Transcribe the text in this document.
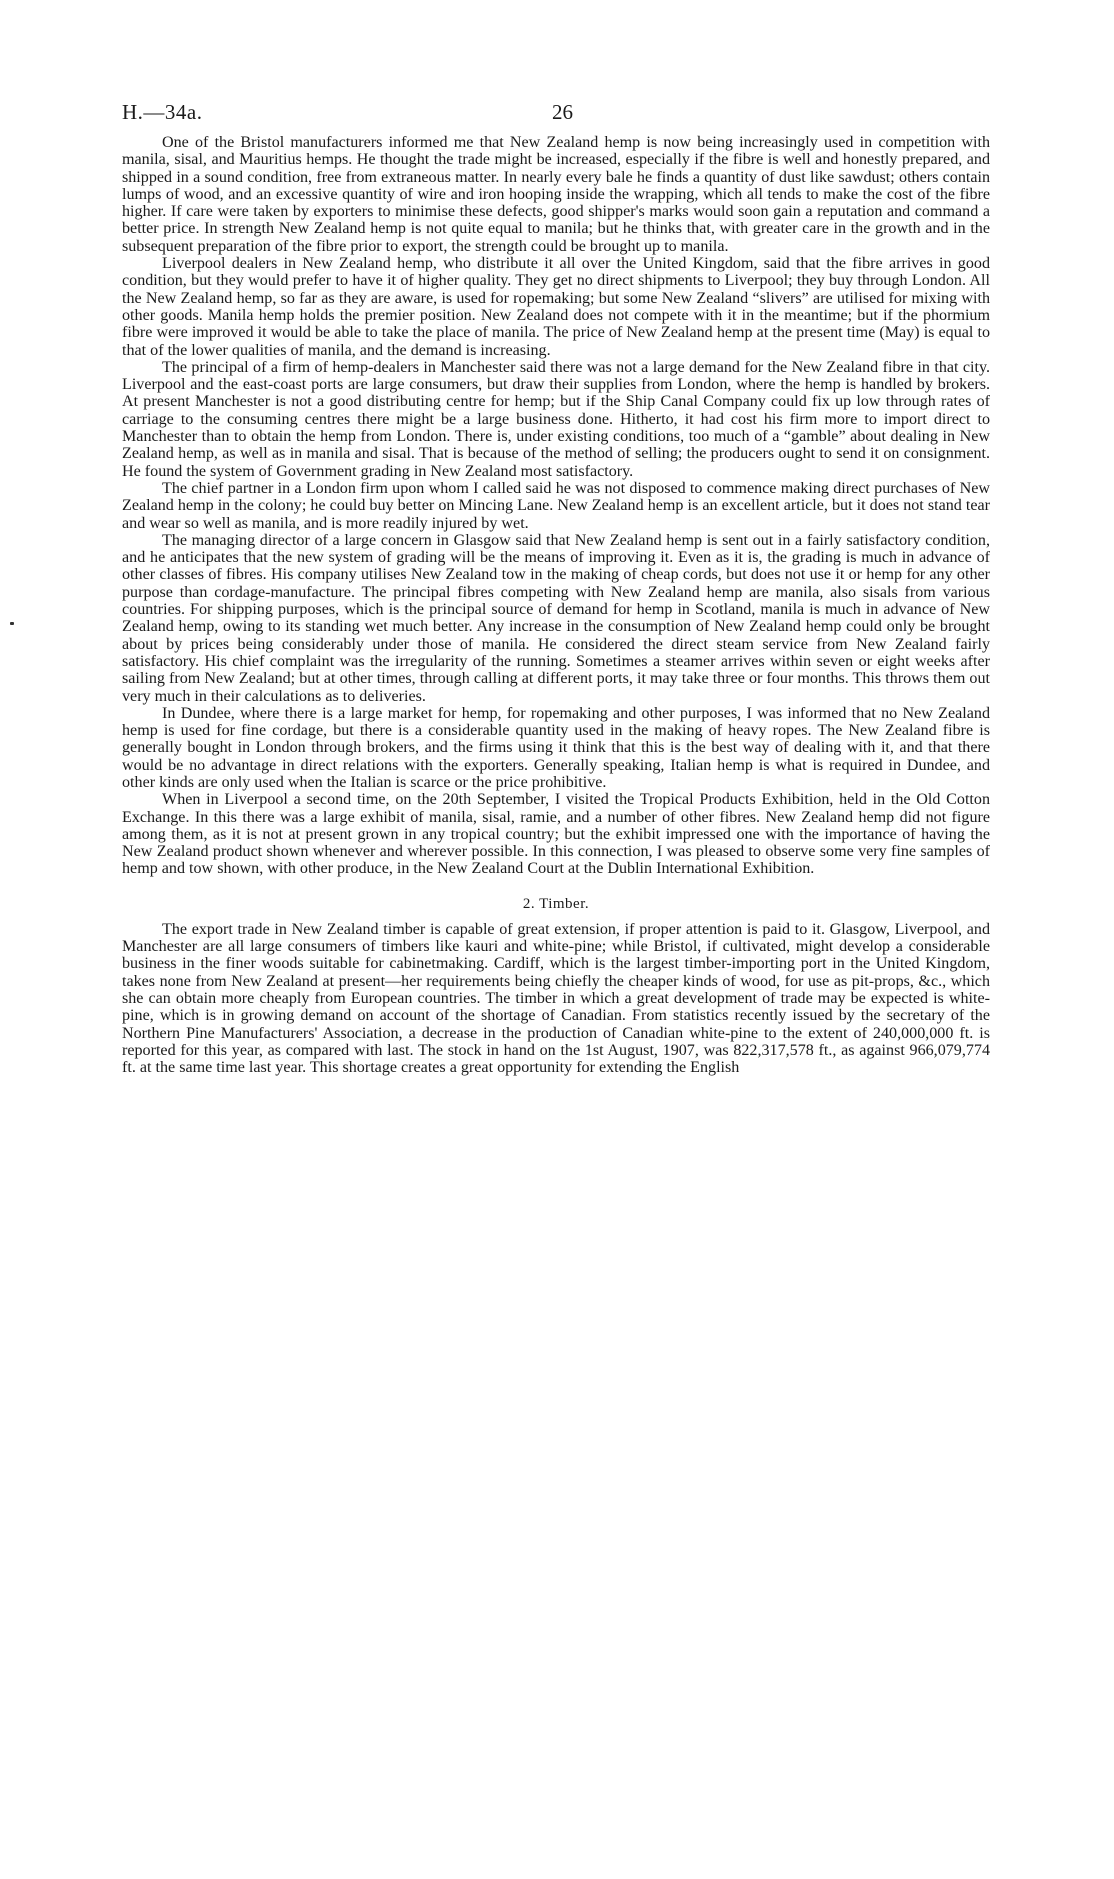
H.—34a.	26

One of the Bristol manufacturers informed me that New Zealand hemp is now being increasingly used in competition with manila, sisal, and Mauritius hemps. He thought the trade might be increased, especially if the fibre is well and honestly prepared, and shipped in a sound condition, free from extraneous matter. In nearly every bale he finds a quantity of dust like sawdust; others contain lumps of wood, and an excessive quantity of wire and iron hooping inside the wrapping, which all tends to make the cost of the fibre higher. If care were taken by exporters to minimise these defects, good shipper's marks would soon gain a reputation and command a better price. In strength New Zealand hemp is not quite equal to manila; but he thinks that, with greater care in the growth and in the subsequent preparation of the fibre prior to export, the strength could be brought up to manila.

Liverpool dealers in New Zealand hemp, who distribute it all over the United Kingdom, said that the fibre arrives in good condition, but they would prefer to have it of higher quality. They get no direct shipments to Liverpool; they buy through London. All the New Zealand hemp, so far as they are aware, is used for ropemaking; but some New Zealand “slivers” are utilised for mixing with other goods. Manila hemp holds the premier position. New Zealand does not compete with it in the meantime; but if the phormium fibre were improved it would be able to take the place of manila. The price of New Zealand hemp at the present time (May) is equal to that of the lower qualities of manila, and the demand is increasing.

The principal of a firm of hemp-dealers in Manchester said there was not a large demand for the New Zealand fibre in that city. Liverpool and the east-coast ports are large consumers, but draw their supplies from London, where the hemp is handled by brokers. At present Manchester is not a good distributing centre for hemp; but if the Ship Canal Company could fix up low through rates of carriage to the consuming centres there might be a large business done. Hitherto, it had cost his firm more to import direct to Manchester than to obtain the hemp from London. There is, under existing conditions, too much of a “gamble” about dealing in New Zealand hemp, as well as in manila and sisal. That is because of the method of selling; the producers ought to send it on consignment. He found the system of Government grading in New Zealand most satisfactory.

The chief partner in a London firm upon whom I called said he was not disposed to commence making direct purchases of New Zealand hemp in the colony; he could buy better on Mincing Lane. New Zealand hemp is an excellent article, but it does not stand tear and wear so well as manila, and is more readily injured by wet.

The managing director of a large concern in Glasgow said that New Zealand hemp is sent out in a fairly satisfactory condition, and he anticipates that the new system of grading will be the means of improving it. Even as it is, the grading is much in advance of other classes of fibres. His company utilises New Zealand tow in the making of cheap cords, but does not use it or hemp for any other purpose than cordage-manufacture. The principal fibres competing with New Zealand hemp are manila, also sisals from various countries. For shipping purposes, which is the principal source of demand for hemp in Scotland, manila is much in advance of New Zealand hemp, owing to its standing wet much better. Any increase in the consumption of New Zealand hemp could only be brought about by prices being considerably under those of manila. He considered the direct steam service from New Zealand fairly satisfactory. His chief complaint was the irregularity of the running. Sometimes a steamer arrives within seven or eight weeks after sailing from New Zealand; but at other times, through calling at different ports, it may take three or four months. This throws them out very much in their calculations as to deliveries.

In Dundee, where there is a large market for hemp, for ropemaking and other purposes, I was informed that no New Zealand hemp is used for fine cordage, but there is a considerable quantity used in the making of heavy ropes. The New Zealand fibre is generally bought in London through brokers, and the firms using it think that this is the best way of dealing with it, and that there would be no advantage in direct relations with the exporters. Generally speaking, Italian hemp is what is required in Dundee, and other kinds are only used when the Italian is scarce or the price prohibitive.

When in Liverpool a second time, on the 20th September, I visited the Tropical Products Exhibition, held in the Old Cotton Exchange. In this there was a large exhibit of manila, sisal, ramie, and a number of other fibres. New Zealand hemp did not figure among them, as it is not at present grown in any tropical country; but the exhibit impressed one with the importance of having the New Zealand product shown whenever and wherever possible. In this connection, I was pleased to observe some very fine samples of hemp and tow shown, with other produce, in the New Zealand Court at the Dublin International Exhibition.

2. Timber.

The export trade in New Zealand timber is capable of great extension, if proper attention is paid to it. Glasgow, Liverpool, and Manchester are all large consumers of timbers like kauri and white-pine; while Bristol, if cultivated, might develop a considerable business in the finer woods suitable for cabinetmaking. Cardiff, which is the largest timber-importing port in the United Kingdom, takes none from New Zealand at present—her requirements being chiefly the cheaper kinds of wood, for use as pit-props, &c., which she can obtain more cheaply from European countries. The timber in which a great development of trade may be expected is white-pine, which is in growing demand on account of the shortage of Canadian. From statistics recently issued by the secretary of the Northern Pine Manufacturers' Association, a decrease in the production of Canadian white-pine to the extent of 240,000,000 ft. is reported for this year, as compared with last. The stock in hand on the 1st August, 1907, was 822,317,578 ft., as against 966,079,774 ft. at the same time last year. This shortage creates a great opportunity for extending the English
